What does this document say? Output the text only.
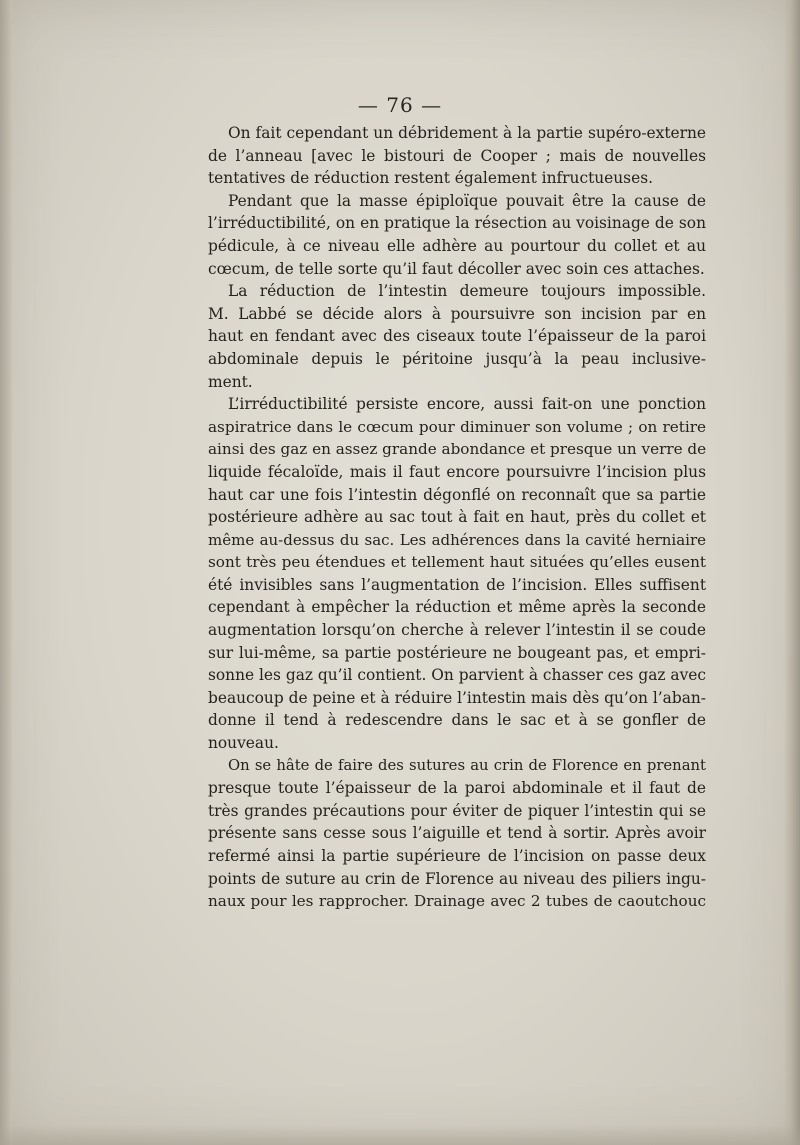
— 76 —
On fait cependant un débridement à la partie supéro-externe
de l’anneau [avec le bistouri de Cooper ; mais de nouvelles
tentatives de réduction restent également infructueuses.
Pendant que la masse épiploïque pouvait être la cause de
l’irréductibilité, on en pratique la résection au voisinage de son
pédicule, à ce niveau elle adhère au pourtour du collet et au
cœcum, de telle sorte qu’il faut décoller avec soin ces attaches.
La réduction de l’intestin demeure toujours impossible.
M. Labbé se décide alors à poursuivre son incision par en
haut en fendant avec des ciseaux toute l’épaisseur de la paroi
abdominale depuis le péritoine jusqu’à la peau inclusive-
ment.
L’irréductibilité persiste encore, aussi fait-on une ponction
aspiratrice dans le cœcum pour diminuer son volume ; on retire
ainsi des gaz en assez grande abondance et presque un verre de
liquide fécaloïde, mais il faut encore poursuivre l’incision plus
haut car une fois l’intestin dégonflé on reconnaît que sa partie
postérieure adhère au sac tout à fait en haut, près du collet et
même au-dessus du sac. Les adhérences dans la cavité herniaire
sont très peu étendues et tellement haut situées qu’elles eusent
été invisibles sans l’augmentation de l’incision. Elles suffisent
cependant à empêcher la réduction et même après la seconde
augmentation lorsqu’on cherche à relever l’intestin il se coude
sur lui-même, sa partie postérieure ne bougeant pas, et empri-
sonne les gaz qu’il contient. On parvient à chasser ces gaz avec
beaucoup de peine et à réduire l’intestin mais dès qu’on l’aban-
donne il tend à redescendre dans le sac et à se gonfler de
nouveau.
On se hâte de faire des sutures au crin de Florence en prenant
presque toute l’épaisseur de la paroi abdominale et il faut de
très grandes précautions pour éviter de piquer l’intestin qui se
présente sans cesse sous l’aiguille et tend à sortir. Après avoir
refermé ainsi la partie supérieure de l’incision on passe deux
points de suture au crin de Florence au niveau des piliers ingu-
naux pour les rapprocher. Drainage avec 2 tubes de caoutchouc
